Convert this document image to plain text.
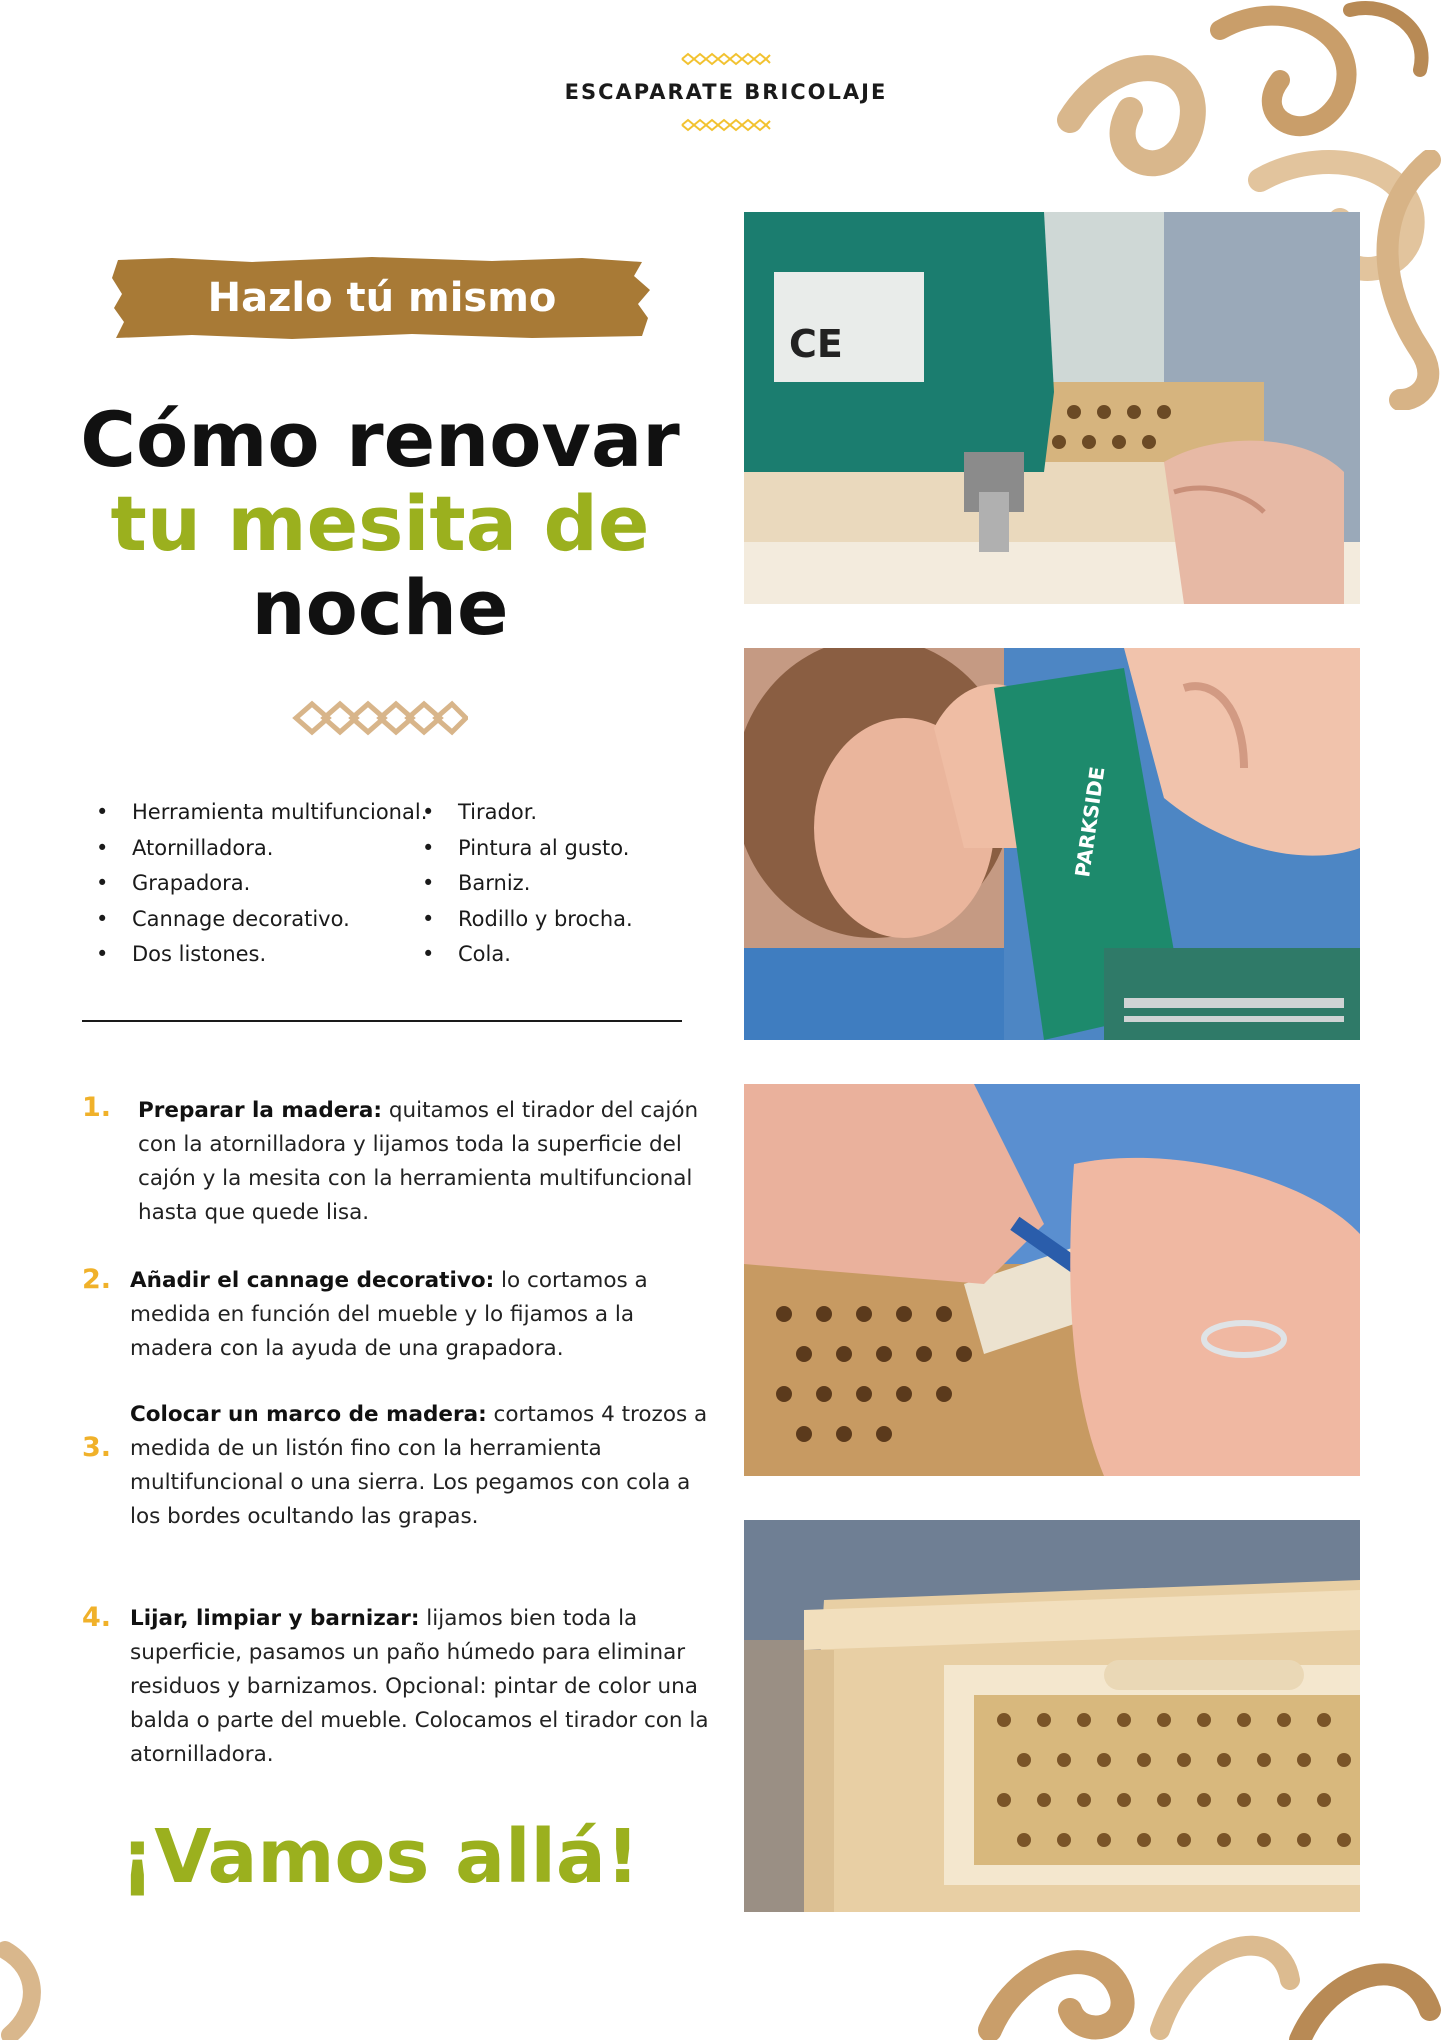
ESCAPARATE BRICOLAJE
Hazlo tú mismo
Cómo renovar
tu mesita de
noche
• Herramienta multifuncional.
• Atornilladora.
• Grapadora.
• Cannage decorativo.
• Dos listones.
• Tirador.
• Pintura al gusto.
• Barniz.
• Rodillo y brocha.
• Cola.
1.	Preparar la madera: quitamos el tirador del cajón con la atornilladora y lijamos toda la superficie del cajón y la mesita con la herramienta multifuncional hasta que quede lisa.
2. Añadir el cannage decorativo: lo cortamos a medida en función del mueble y lo fijamos a la madera con la ayuda de una grapadora.
3.
Colocar un marco de madera: cortamos 4 trozos a medida de un listón fino con la herramienta multifuncional o una sierra. Los pegamos con cola a los bordes ocultando las grapas.
4. Lijar, limpiar y barnizar: lijamos bien toda la superficie, pasamos un paño húmedo para eliminar residuos y barnizamos. Opcional: pintar de color una balda o parte del mueble. Colocamos el tirador con la atornilladora.
¡Vamos allá!
CE
PARKSIDE
